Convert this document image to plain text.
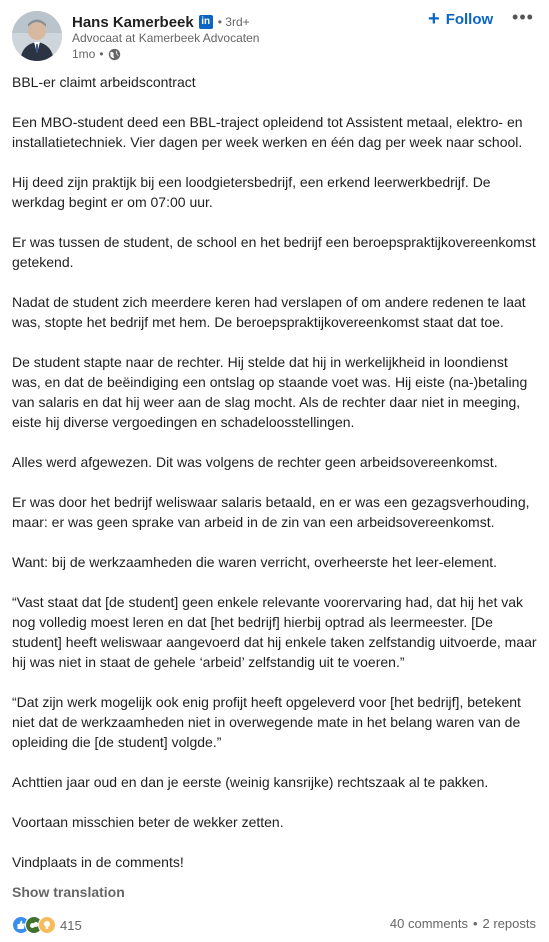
Hans Kamerbeek in • 3rd+
Advocaat at Kamerbeek Advocaten
1mo •
+ Follow •••

BBL-er claimt arbeidscontract

Een MBO-student deed een BBL-traject opleidend tot Assistent metaal, elektro- en installatietechniek. Vier dagen per week werken en één dag per week naar school.

Hij deed zijn praktijk bij een loodgietersbedrijf, een erkend leerwerkbedrijf. De werkdag begint er om 07:00 uur.

Er was tussen de student, de school en het bedrijf een beroepspraktijkovereenkomst getekend.

Nadat de student zich meerdere keren had verslapen of om andere redenen te laat was, stopte het bedrijf met hem. De beroepspraktijkovereenkomst staat dat toe.

De student stapte naar de rechter. Hij stelde dat hij in werkelijkheid in loondienst was, en dat de beëindiging een ontslag op staande voet was. Hij eiste (na-)betaling van salaris en dat hij weer aan de slag mocht. Als de rechter daar niet in meeging, eiste hij diverse vergoedingen en schadeloosstellingen.

Alles werd afgewezen. Dit was volgens de rechter geen arbeidsovereenkomst.

Er was door het bedrijf weliswaar salaris betaald, en er was een gezagsverhouding, maar: er was geen sprake van arbeid in de zin van een arbeidsovereenkomst.

Want: bij de werkzaamheden die waren verricht, overheerste het leer-element.

“Vast staat dat [de student] geen enkele relevante voorervaring had, dat hij het vak nog volledig moest leren en dat [het bedrijf] hierbij optrad als leermeester. [De student] heeft weliswaar aangevoerd dat hij enkele taken zelfstandig uitvoerde, maar hij was niet in staat de gehele ‘arbeid’ zelfstandig uit te voeren.”

“Dat zijn werk mogelijk ook enig profijt heeft opgeleverd voor [het bedrijf], betekent niet dat de werkzaamheden niet in overwegende mate in het belang waren van de opleiding die [de student] volgde.”

Achttien jaar oud en dan je eerste (weinig kansrijke) rechtszaak al te pakken.

Voortaan misschien beter de wekker zetten.

Vindplaats in de comments!

Show translation
415	40 comments • 2 reposts
